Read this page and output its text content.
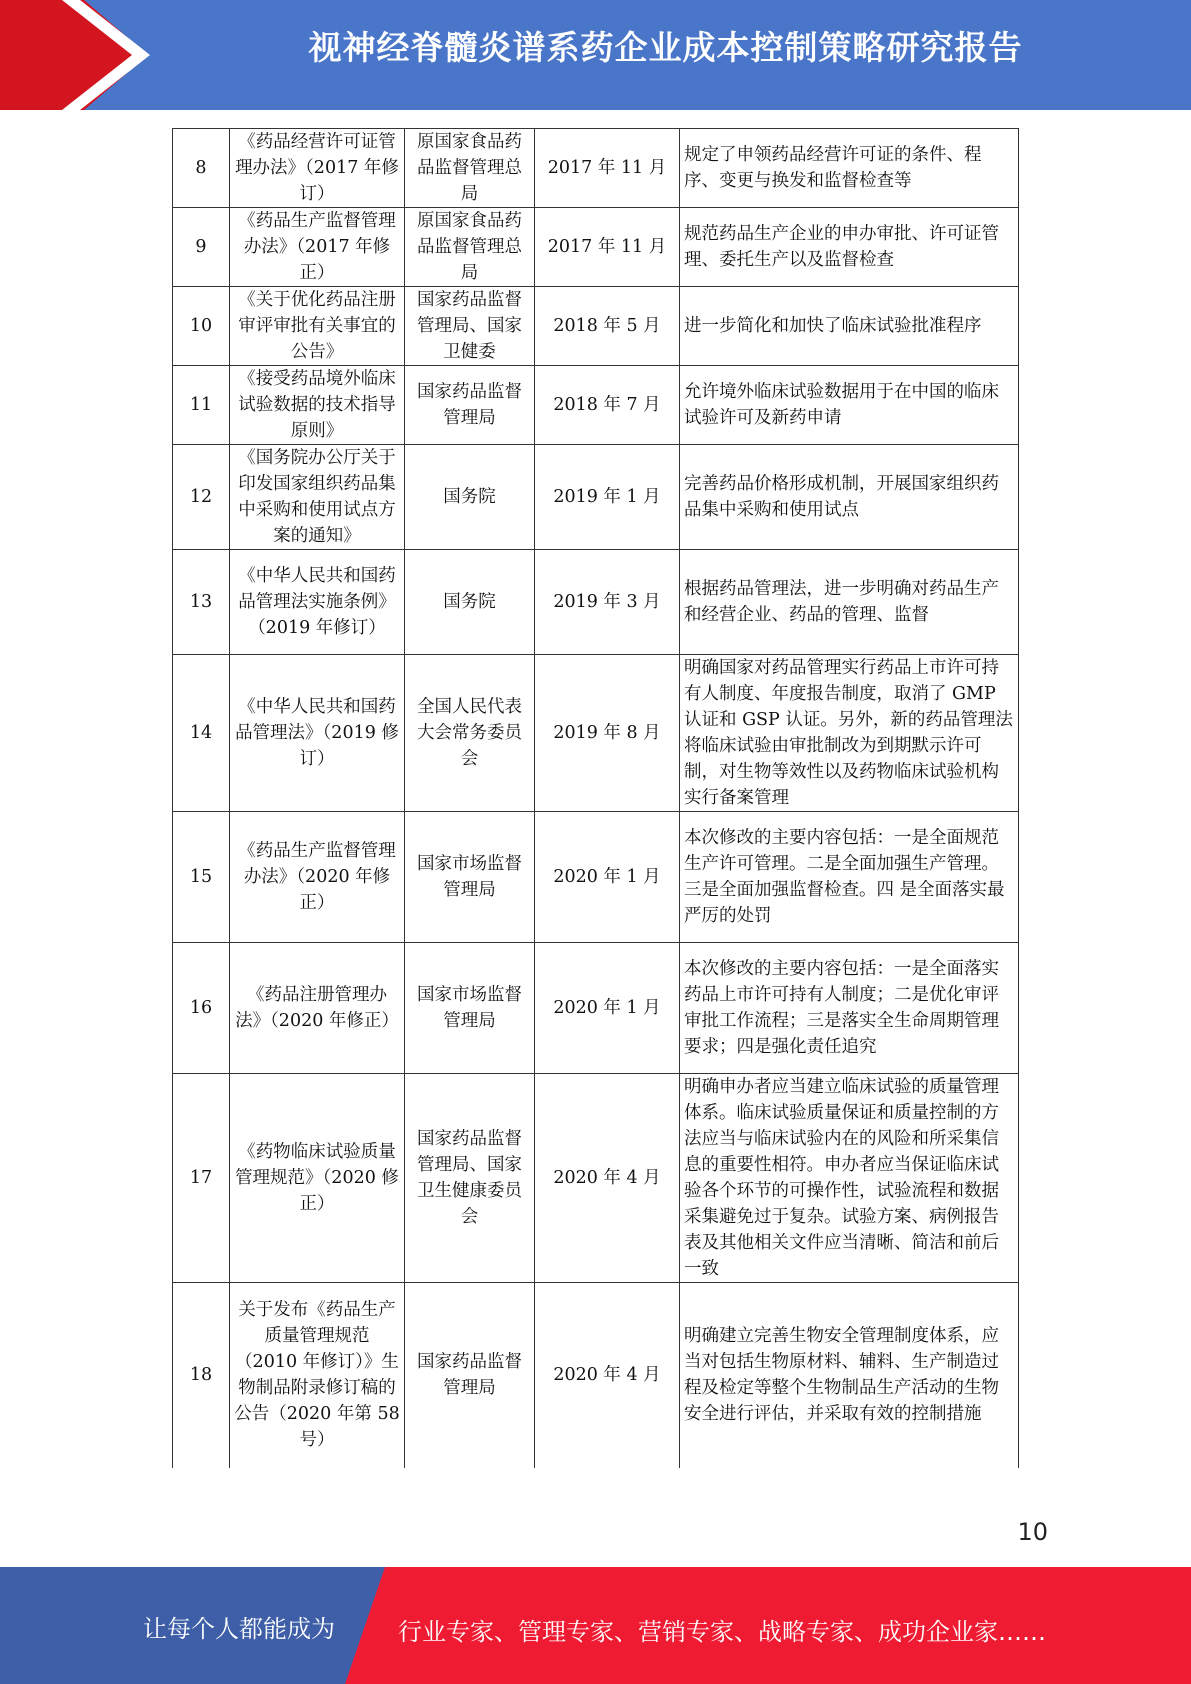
视神经脊髓炎谱系药企业成本控制策略研究报告
8	《药品经营许可证管理办法》（2017 年修订）	原国家食品药品监督管理总局	2017 年 11 月	规定了申领药品经营许可证的条件、程序、变更与换发和监督检查等
9	《药品生产监督管理办法》（2017 年修正）	原国家食品药品监督管理总局	2017 年 11 月	规范药品生产企业的申办审批、许可证管理、委托生产以及监督检查
10	《关于优化药品注册审评审批有关事宜的公告》	国家药品监督管理局、国家卫健委	2018 年 5 月	进一步简化和加快了临床试验批准程序
11	《接受药品境外临床试验数据的技术指导原则》	国家药品监督管理局	2018 年 7 月	允许境外临床试验数据用于在中国的临床试验许可及新药申请
12	《国务院办公厅关于印发国家组织药品集中采购和使用试点方案的通知》	国务院	2019 年 1 月	完善药品价格形成机制，开展国家组织药品集中采购和使用试点
13	《中华人民共和国药品管理法实施条例》（2019 年修订）	国务院	2019 年 3 月	根据药品管理法，进一步明确对药品生产和经营企业、药品的管理、监督
14	《中华人民共和国药品管理法》（2019 修订）	全国人民代表大会常务委员会	2019 年 8 月	明确国家对药品管理实行药品上市许可持有人制度、年度报告制度，取消了 GMP 认证和 GSP 认证。另外，新的药品管理法将临床试验由审批制改为到期默示许可制，对生物等效性以及药物临床试验机构实行备案管理
15	《药品生产监督管理办法》（2020 年修正）	国家市场监督管理局	2020 年 1 月	本次修改的主要内容包括：一是全面规范生产许可管理。二是全面加强生产管理。三是全面加强监督检查。四 是全面落实最严厉的处罚
16	《药品注册管理办法》（2020 年修正）	国家市场监督管理局	2020 年 1 月	本次修改的主要内容包括：一是全面落实药品上市许可持有人制度；二是优化审评审批工作流程；三是落实全生命周期管理要求；四是强化责任追究
17	《药物临床试验质量管理规范》（2020 修正）	国家药品监督管理局、国家卫生健康委员会	2020 年 4 月	明确申办者应当建立临床试验的质量管理体系。临床试验质量保证和质量控制的方法应当与临床试验内在的风险和所采集信息的重要性相符。申办者应当保证临床试验各个环节的可操作性，试验流程和数据采集避免过于复杂。试验方案、病例报告表及其他相关文件应当清晰、简洁和前后一致
18	关于发布《药品生产质量管理规范（2010 年修订）》生物制品附录修订稿的公告（2020 年第 58 号）	国家药品监督管理局	2020 年 4 月	明确建立完善生物安全管理制度体系，应当对包括生物原材料、辅料、生产制造过程及检定等整个生物制品生产活动的生物安全进行评估，并采取有效的控制措施
10
让每个人都能成为	行业专家、管理专家、营销专家、战略专家、成功企业家……
